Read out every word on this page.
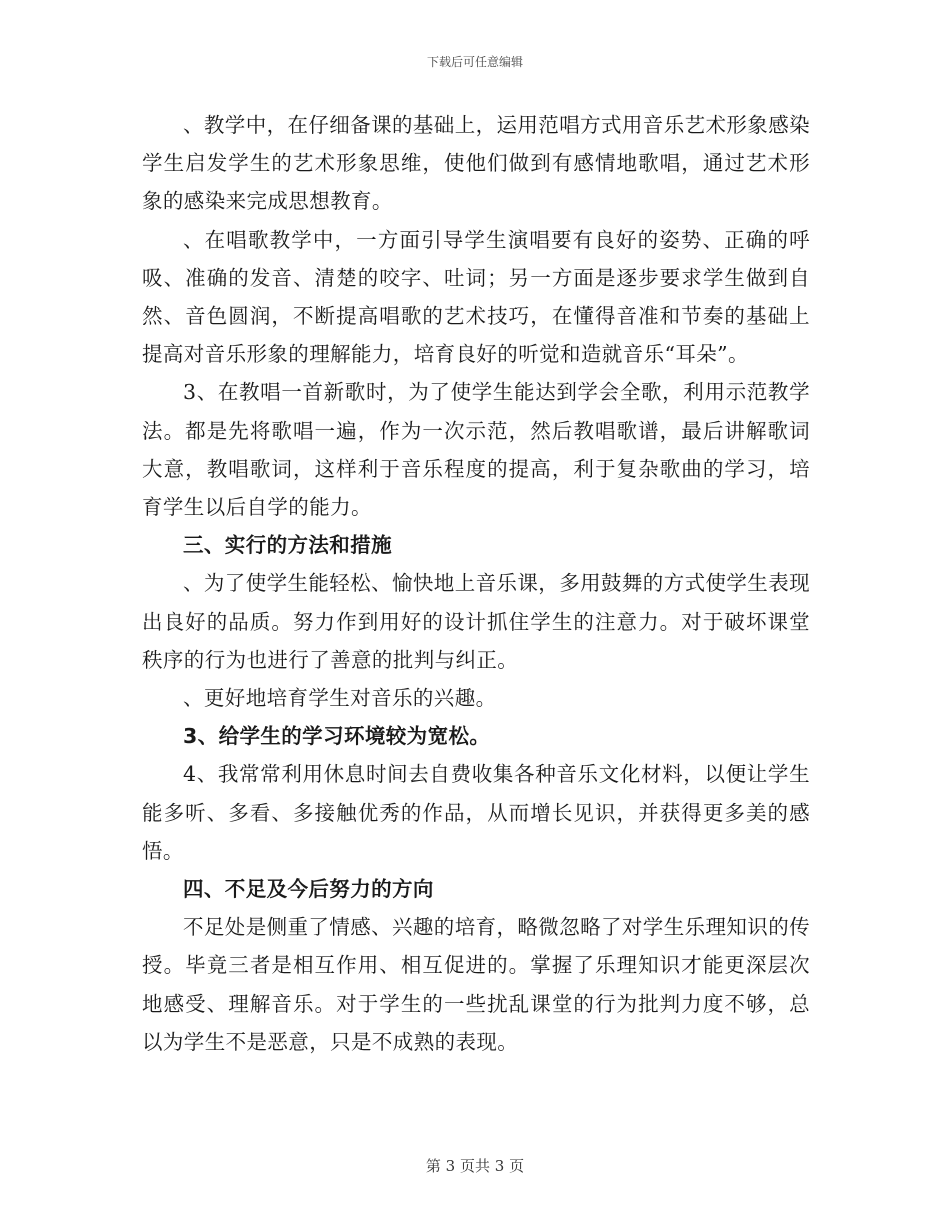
下载后可任意编辑

、教学中，在仔细备课的基础上，运用范唱方式用音乐艺术形象感染学生启发学生的艺术形象思维，使他们做到有感情地歌唱，通过艺术形象的感染来完成思想教育。

、在唱歌教学中，一方面引导学生演唱要有良好的姿势、正确的呼吸、准确的发音、清楚的咬字、吐词；另一方面是逐步要求学生做到自然、音色圆润，不断提高唱歌的艺术技巧，在懂得音准和节奏的基础上提高对音乐形象的理解能力，培育良好的听觉和造就音乐“耳朵”。

3、在教唱一首新歌时，为了使学生能达到学会全歌，利用示范教学法。都是先将歌唱一遍，作为一次示范，然后教唱歌谱，最后讲解歌词大意，教唱歌词，这样利于音乐程度的提高，利于复杂歌曲的学习，培育学生以后自学的能力。

三、实行的方法和措施

、为了使学生能轻松、愉快地上音乐课，多用鼓舞的方式使学生表现出良好的品质。努力作到用好的设计抓住学生的注意力。对于破坏课堂秩序的行为也进行了善意的批判与纠正。

、更好地培育学生对音乐的兴趣。

3、给学生的学习环境较为宽松。

4、我常常利用休息时间去自费收集各种音乐文化材料，以便让学生能多听、多看、多接触优秀的作品，从而增长见识，并获得更多美的感悟。

四、不足及今后努力的方向

不足处是侧重了情感、兴趣的培育，略微忽略了对学生乐理知识的传授。毕竟三者是相互作用、相互促进的。掌握了乐理知识才能更深层次地感受、理解音乐。对于学生的一些扰乱课堂的行为批判力度不够，总以为学生不是恶意，只是不成熟的表现。

第 3 页共 3 页
